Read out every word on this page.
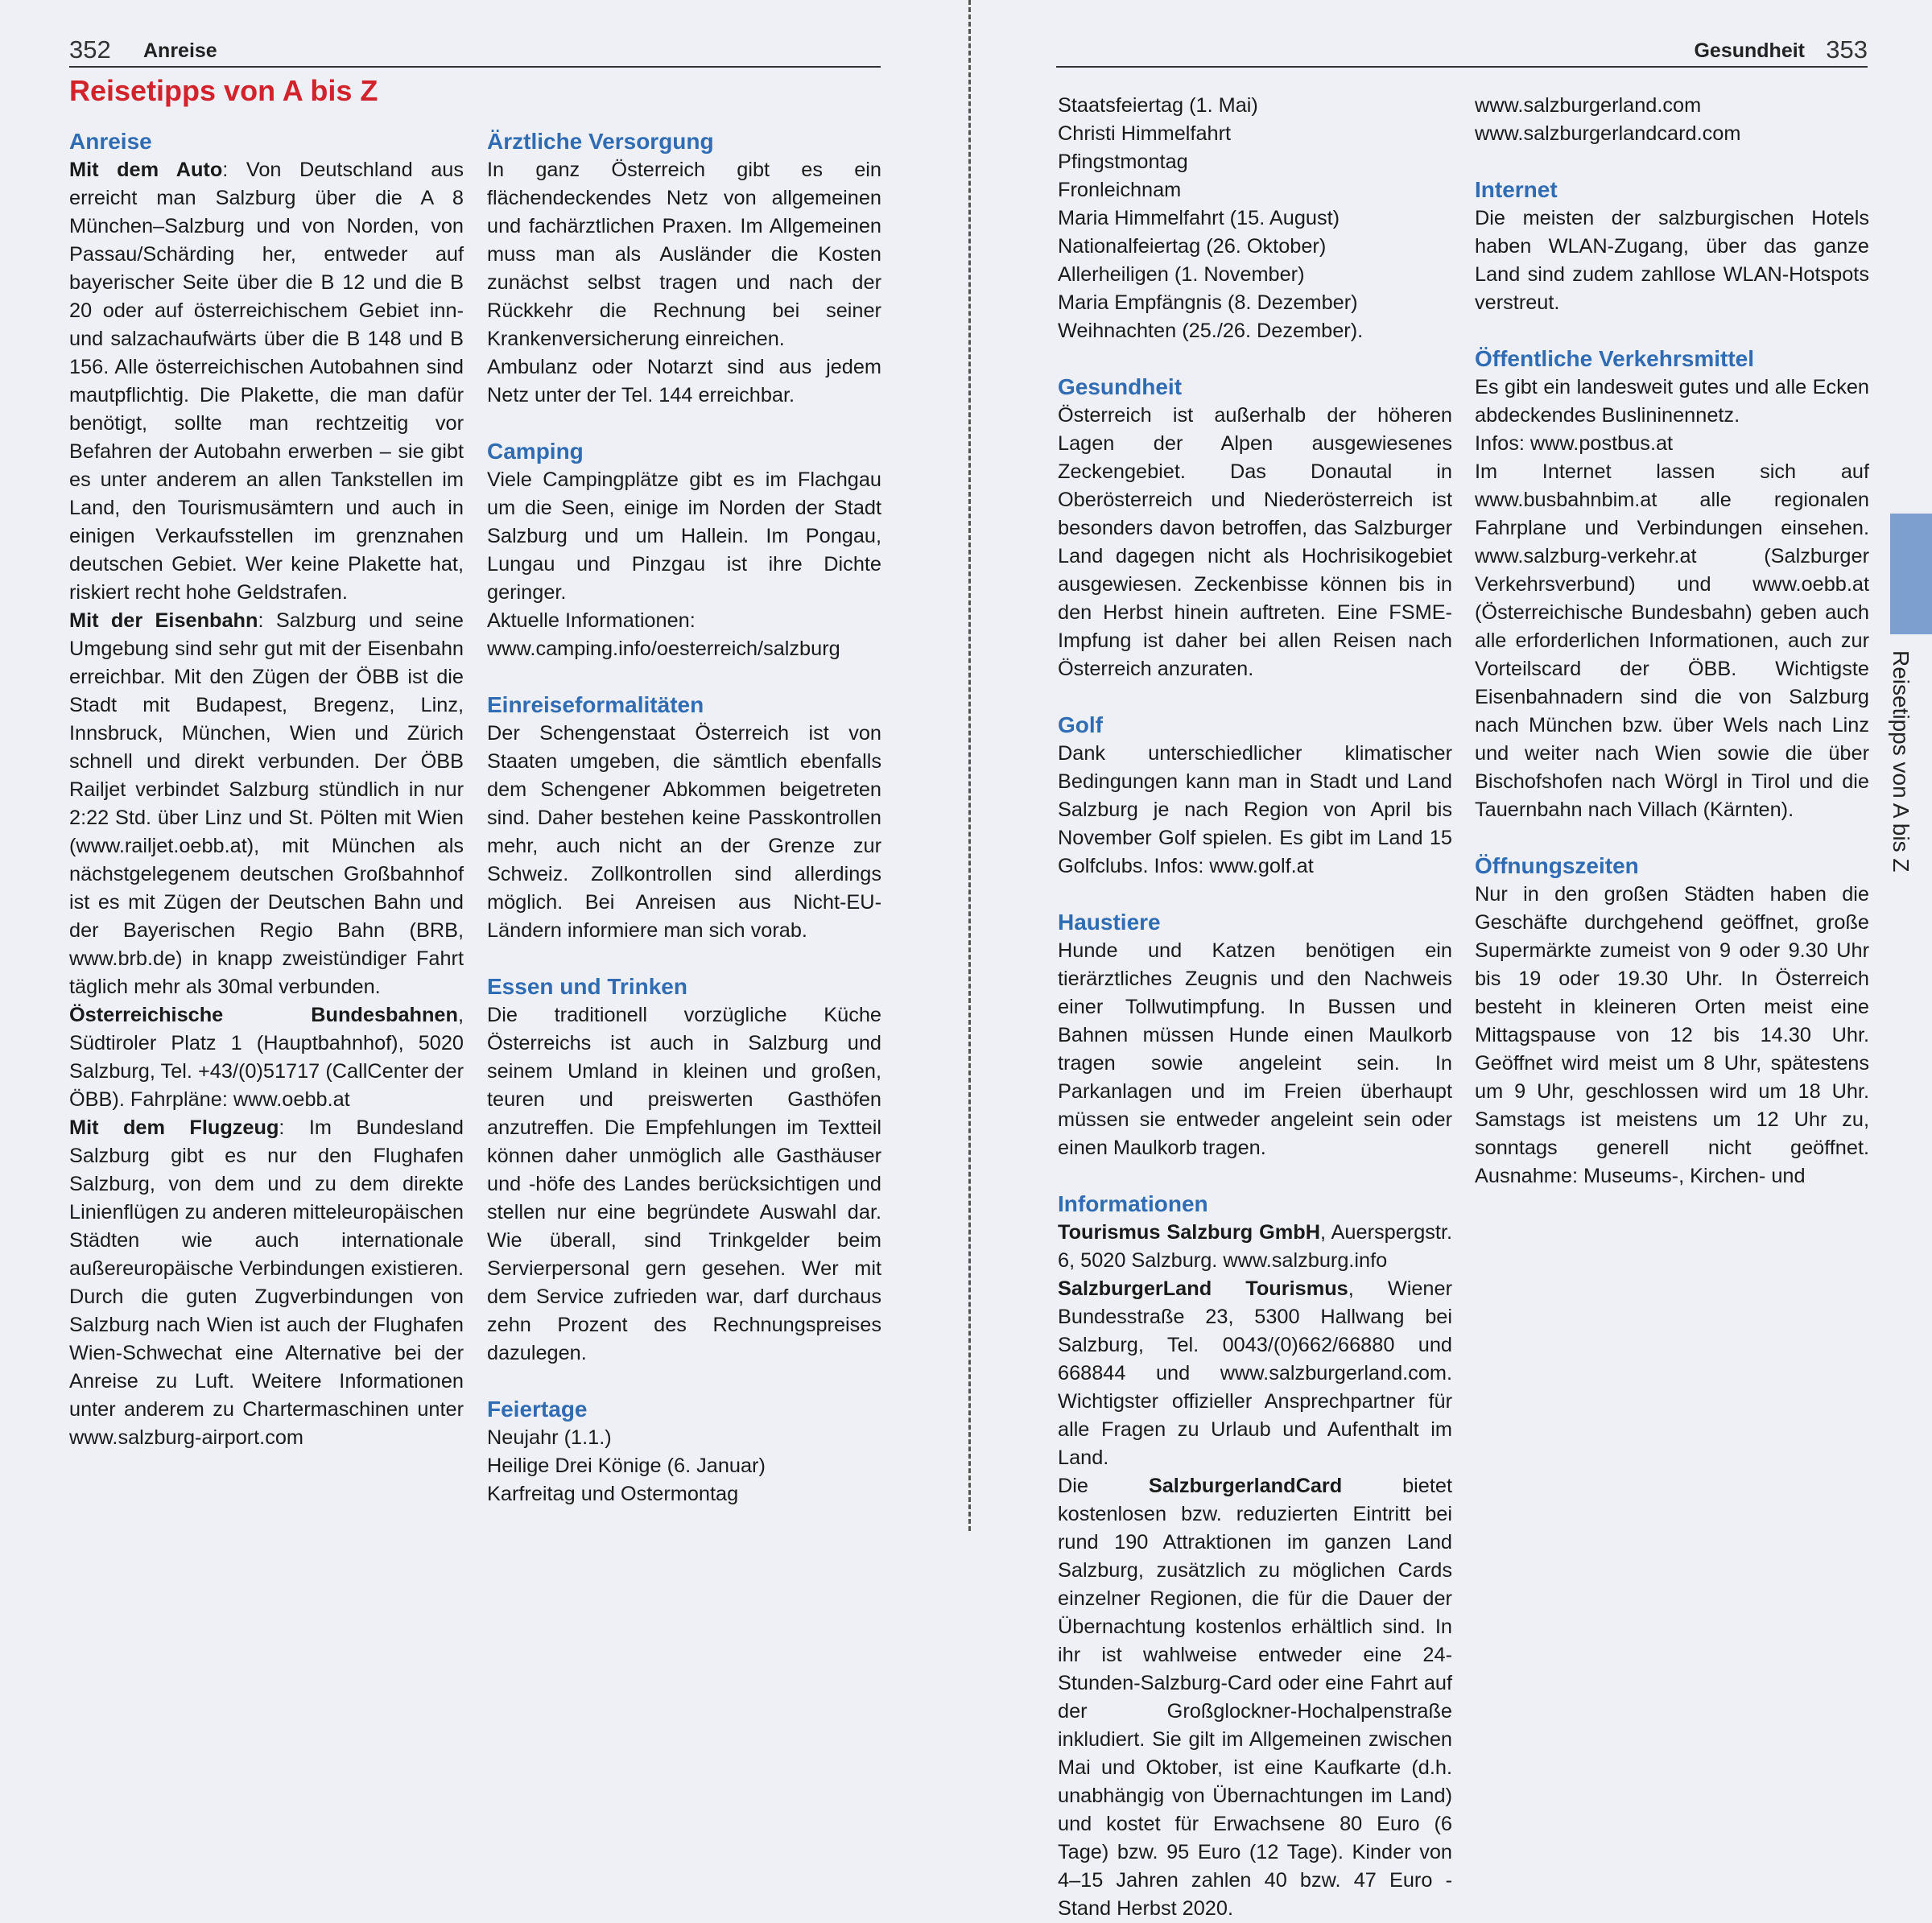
352 Anreise
Reisetipps von A bis Z
Anreise

Mit dem Auto: Von Deutschland aus erreicht man Salzburg über die A 8 München–Salzburg und von Norden, von Passau/Schärding her, entweder auf bayerischer Seite über die B 12 und die B 20 oder auf österreichischem Gebiet inn- und salzachaufwärts über die B 148 und B 156. Alle österreichischen Autobahnen sind mautpflichtig. Die Plakette, die man dafür benötigt, sollte man rechtzeitig vor Befahren der Autobahn erwerben – sie gibt es unter anderem an allen Tankstellen im Land, den Tourismusämtern und auch in einigen Verkaufsstellen im grenznahen deutschen Gebiet. Wer keine Plakette hat, riskiert recht hohe Geldstrafen.

Mit der Eisenbahn: Salzburg und seine Umgebung sind sehr gut mit der Eisenbahn erreichbar. Mit den Zügen der ÖBB ist die Stadt mit Budapest, Bregenz, Linz, Innsbruck, München, Wien und Zürich schnell und direkt verbunden. Der ÖBB Railjet verbindet Salzburg stündlich in nur 2:22 Std. über Linz und St. Pölten mit Wien (www.railjet.oebb.at), mit München als nächstgelegenem deutschen Großbahnhof ist es mit Zügen der Deutschen Bahn und der Bayerischen Regio Bahn (BRB, www.brb.de) in knapp zweistündiger Fahrt täglich mehr als 30mal verbunden.

Österreichische Bundesbahnen, Südtiroler Platz 1 (Hauptbahnhof), 5020 Salzburg, Tel. +43/(0)51717 (CallCenter der ÖBB). Fahrpläne: www.oebb.at

Mit dem Flugzeug: Im Bundesland Salzburg gibt es nur den Flughafen Salzburg, von dem und zu dem direkte Linienflügen zu anderen mitteleuropäischen Städten wie auch internationale außereuropäische Verbindungen existieren. Durch die guten Zugverbindungen von Salzburg nach Wien ist auch der Flughafen Wien-Schwechat eine Alternative bei der Anreise zu Luft. Weitere Informationen unter anderem zu Chartermaschinen unter www.salzburg-airport.com

Ärztliche Versorgung

In ganz Österreich gibt es ein flächendeckendes Netz von allgemeinen und fachärztlichen Praxen. Im Allgemeinen muss man als Ausländer die Kosten zunächst selbst tragen und nach der Rückkehr die Rechnung bei seiner Krankenversicherung einreichen.

Ambulanz oder Notarzt sind aus jedem Netz unter der Tel. 144 erreichbar.

Camping

Viele Campingplätze gibt es im Flachgau um die Seen, einige im Norden der Stadt Salzburg und um Hallein. Im Pongau, Lungau und Pinzgau ist ihre Dichte geringer.

Aktuelle Informationen:

www.camping.info/oesterreich/salzburg

Einreiseformalitäten

Der Schengenstaat Österreich ist von Staaten umgeben, die sämtlich ebenfalls dem Schengener Abkommen beigetreten sind. Daher bestehen keine Passkontrollen mehr, auch nicht an der Grenze zur Schweiz. Zollkontrollen sind allerdings möglich. Bei Anreisen aus Nicht-EU-Ländern informiere man sich vorab.

Essen und Trinken

Die traditionell vorzügliche Küche Österreichs ist auch in Salzburg und seinem Umland in kleinen und großen, teuren und preiswerten Gasthöfen anzutreffen. Die Empfehlungen im Textteil können daher unmöglich alle Gasthäuser und -höfe des Landes berücksichtigen und stellen nur eine begründete Auswahl dar. Wie überall, sind Trinkgelder beim Servierpersonal gern gesehen. Wer mit dem Service zufrieden war, darf durchaus zehn Prozent des Rechnungspreises dazulegen.

Feiertage
Neujahr (1.1.)
Heilige Drei Könige (6. Januar)
Karfreitag und Ostermontag
Gesundheit 353
Staatsfeiertag (1. Mai)
Christi Himmelfahrt
Pfingstmontag
Fronleichnam
Maria Himmelfahrt (15. August)
Nationalfeiertag (26. Oktober)
Allerheiligen (1. November)
Maria Empfängnis (8. Dezember)
Weihnachten (25./26. Dezember).
Gesundheit

Österreich ist außerhalb der höheren Lagen der Alpen ausgewiesenes Zeckengebiet. Das Donautal in Oberösterreich und Niederösterreich ist besonders davon betroffen, das Salzburger Land dagegen nicht als Hochrisikogebiet ausgewiesen. Zeckenbisse können bis in den Herbst hinein auftreten. Eine FSME-Impfung ist daher bei allen Reisen nach Österreich anzuraten.

Golf

Dank unterschiedlicher klimatischer Bedingungen kann man in Stadt und Land Salzburg je nach Region von April bis November Golf spielen. Es gibt im Land 15 Golfclubs. Infos: www.golf.at

Haustiere

Hunde und Katzen benötigen ein tierärztliches Zeugnis und den Nachweis einer Tollwutimpfung. In Bussen und Bahnen müssen Hunde einen Maulkorb tragen sowie angeleint sein. In Parkanlagen und im Freien überhaupt müssen sie entweder angeleint sein oder einen Maulkorb tragen.

Informationen

Tourismus Salzburg GmbH, Auerspergstr. 6, 5020 Salzburg. www.salzburg.info

SalzburgerLand Tourismus, Wiener Bundesstraße 23, 5300 Hallwang bei Salzburg, Tel. 0043/(0)662/66880 und 668844 und www.salzburgerland.com. Wichtigster offizieller Ansprechpartner für alle Fragen zu Urlaub und Aufenthalt im Land.

Die SalzburgerlandCard bietet kostenlosen bzw. reduzierten Eintritt bei rund 190 Attraktionen im ganzen Land Salzburg, zusätzlich zu möglichen Cards einzelner Regionen, die für die Dauer der Übernachtung kostenlos erhältlich sind. In ihr ist wahlweise entweder eine 24-Stunden-Salzburg-Card oder eine Fahrt auf der Großglockner-Hochalpenstraße inkludiert. Sie gilt im Allgemeinen zwischen Mai und Oktober, ist eine Kaufkarte (d.h. unabhängig von Übernachtungen im Land) und kostet für Erwachsene 80 Euro (6 Tage) bzw. 95 Euro (12 Tage). Kinder von 4–15 Jahren zahlen 40 bzw. 47 Euro - Stand Herbst 2020.

www.salzburgerland.com

www.salzburgerlandcard.com

Internet

Die meisten der salzburgischen Hotels haben WLAN-Zugang, über das ganze Land sind zudem zahllose WLAN-Hotspots verstreut.

Öffentliche Verkehrsmittel

Es gibt ein landesweit gutes und alle Ecken abdeckendes Buslininennetz.

Infos: www.postbus.at

Im Internet lassen sich auf www.busbahnbim.at alle regionalen Fahrplane und Verbindungen einsehen. www.salzburg-verkehr.at (Salzburger Verkehrsverbund) und www.oebb.at (Österreichische Bundesbahn) geben auch alle erforderlichen Informationen, auch zur Vorteilscard der ÖBB. Wichtigste Eisenbahnadern sind die von Salzburg nach München bzw. über Wels nach Linz und weiter nach Wien sowie die über Bischofshofen nach Wörgl in Tirol und die Tauernbahn nach Villach (Kärnten).

Öffnungszeiten

Nur in den großen Städten haben die Geschäfte durchgehend geöffnet, große Supermärkte zumeist von 9 oder 9.30 Uhr bis 19 oder 19.30 Uhr. In Österreich besteht in kleineren Orten meist eine Mittagspause von 12 bis 14.30 Uhr. Geöffnet wird meist um 8 Uhr, spätestens um 9 Uhr, geschlossen wird um 18 Uhr. Samstags ist meistens um 12 Uhr zu, sonntags generell nicht geöffnet. Ausnahme: Museums-, Kirchen- und

Reisetipps von A bis Z
